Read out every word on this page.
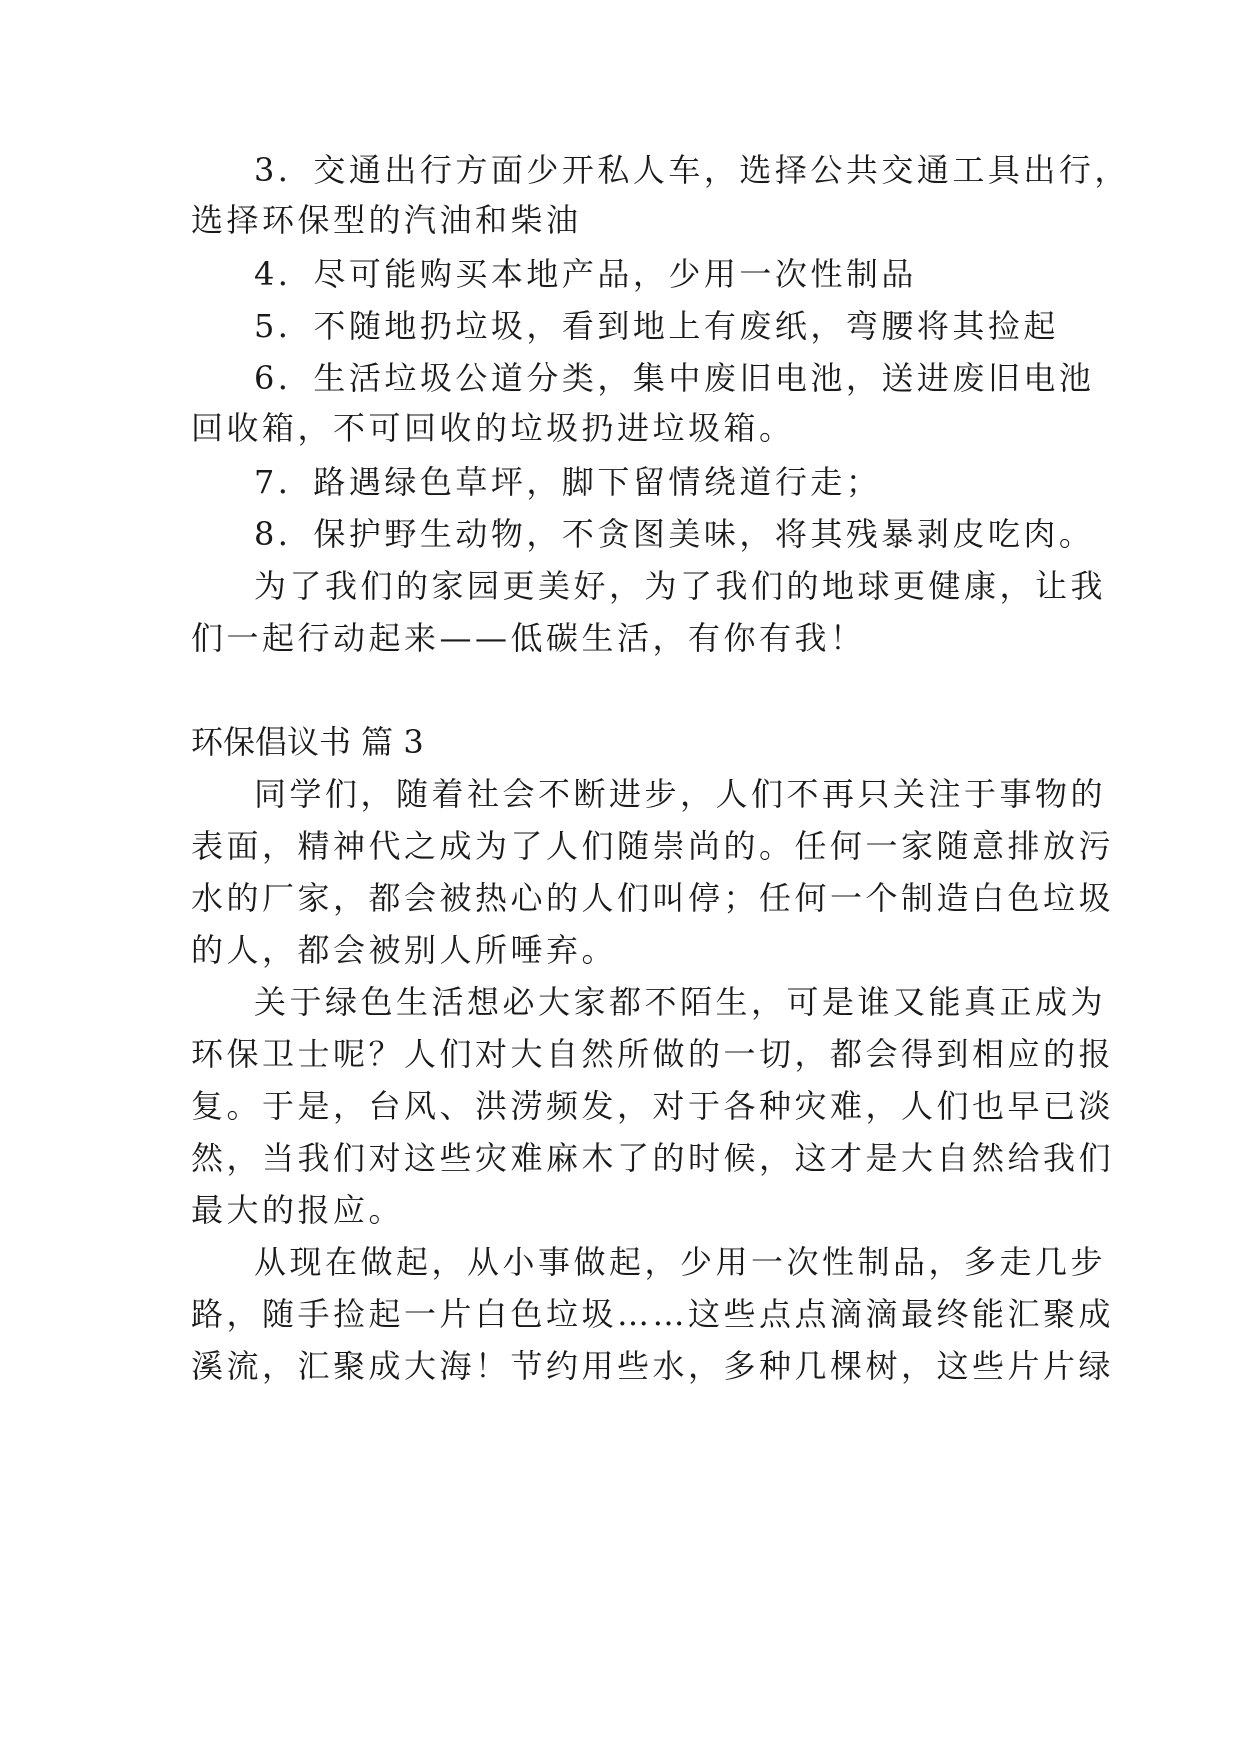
3．交通出行方面少开私人车，选择公共交通工具出行，
选择环保型的汽油和柴油
4．尽可能购买本地产品，少用一次性制品
5．不随地扔垃圾，看到地上有废纸，弯腰将其捡起
6．生活垃圾公道分类，集中废旧电池，送进废旧电池
回收箱，不可回收的垃圾扔进垃圾箱。
7．路遇绿色草坪，脚下留情绕道行走；
8．保护野生动物，不贪图美味，将其残暴剥皮吃肉。
为了我们的家园更美好，为了我们的地球更健康，让我
们一起行动起来——低碳生活，有你有我！
环保倡议书 篇 3
同学们，随着社会不断进步，人们不再只关注于事物的
表面，精神代之成为了人们随崇尚的。任何一家随意排放污
水的厂家，都会被热心的人们叫停；任何一个制造白色垃圾
的人，都会被别人所唾弃。
关于绿色生活想必大家都不陌生，可是谁又能真正成为
环保卫士呢？人们对大自然所做的一切，都会得到相应的报
复。于是，台风、洪涝频发，对于各种灾难，人们也早已淡
然，当我们对这些灾难麻木了的时候，这才是大自然给我们
最大的报应。
从现在做起，从小事做起，少用一次性制品，多走几步
路，随手捡起一片白色垃圾……这些点点滴滴最终能汇聚成
溪流，汇聚成大海！节约用些水，多种几棵树，这些片片绿
